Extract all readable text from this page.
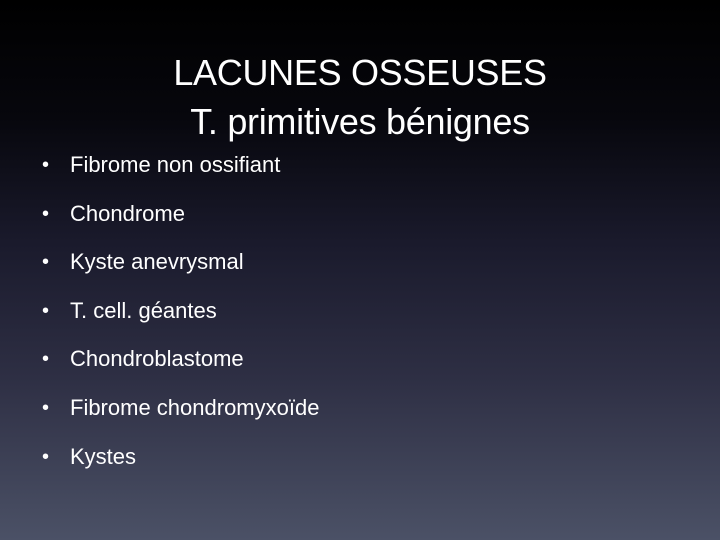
LACUNES OSSEUSES
T. primitives bénignes
• Fibrome non ossifiant
• Chondrome
• Kyste anevrysmal
• T. cell. géantes
• Chondroblastome
• Fibrome chondromyxoïde
• Kystes
